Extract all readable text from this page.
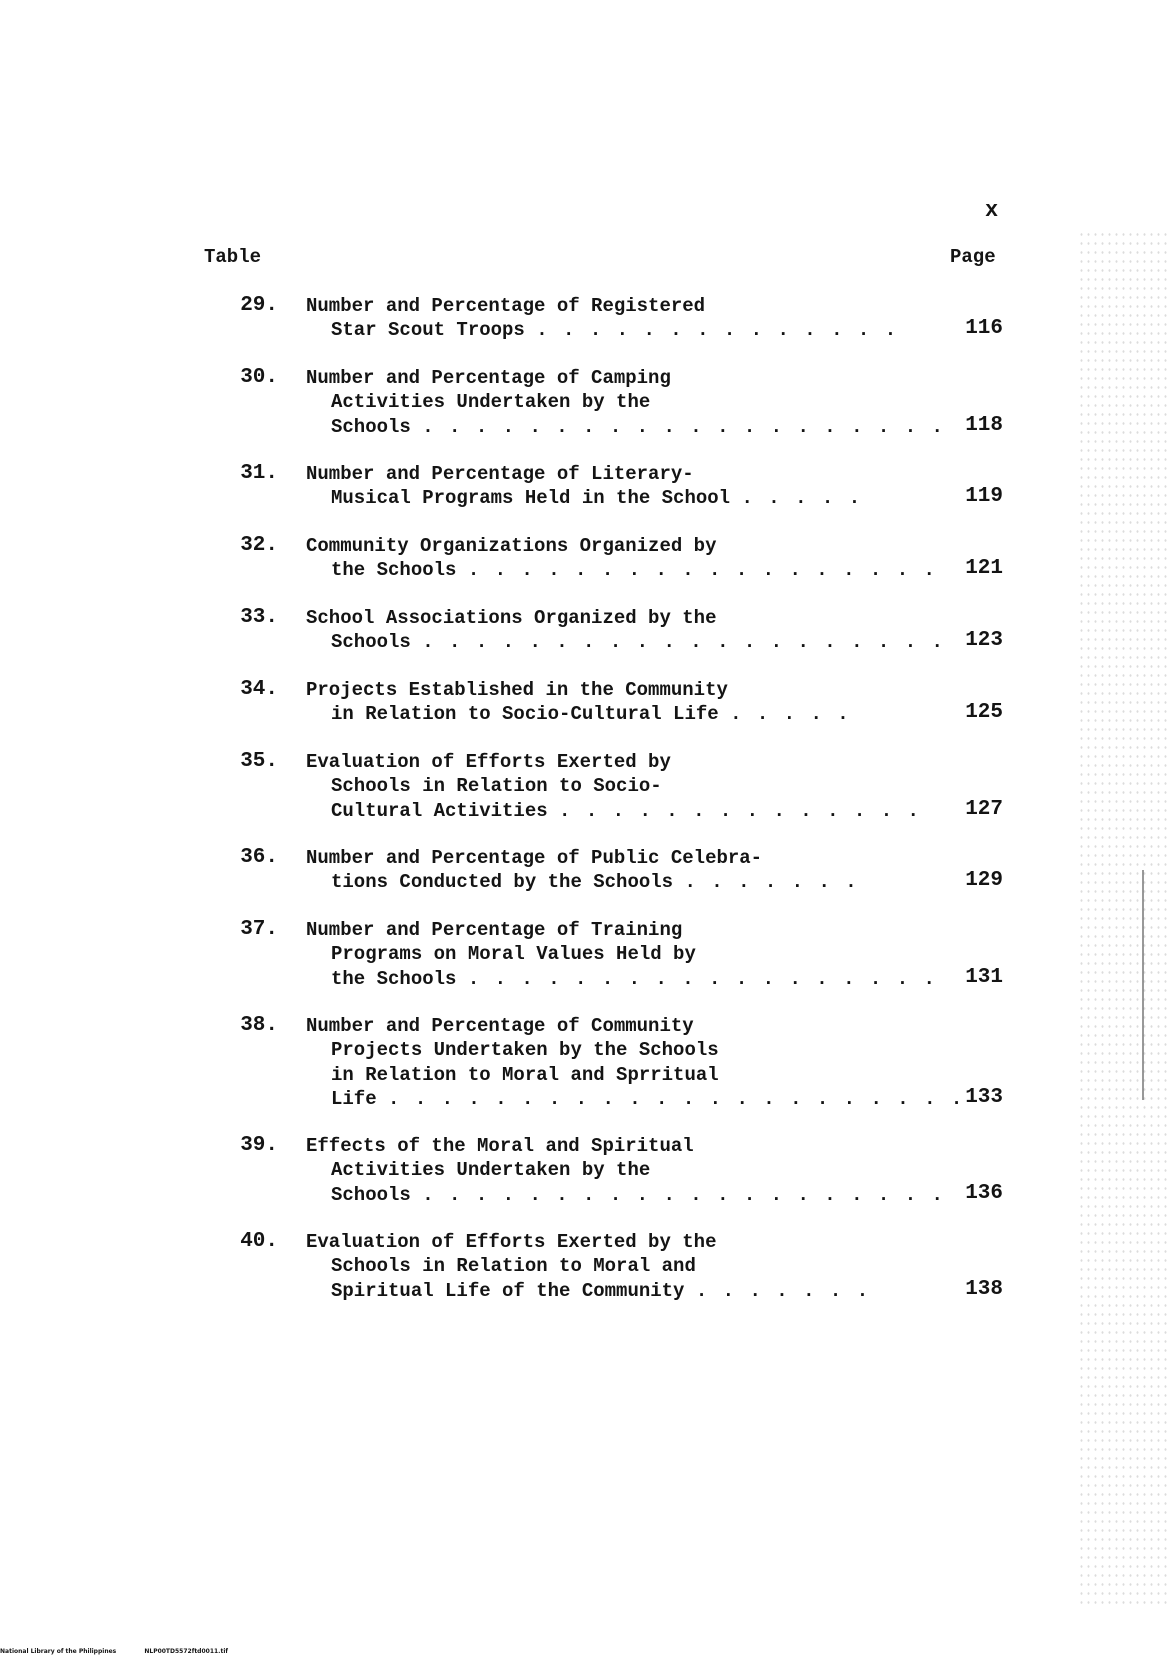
x
Table	Page
29. Number and Percentage of Registered
Star Scout Troops . . . . . . . . . . . . . .	116
30. Number and Percentage of Camping
Activities Undertaken by the
Schools . . . . . . . . . . . . . . . . . . . . 118
31. Number and Percentage of Literary-
Musical Programs Held in the School . . . . .	119
32. Community Organizations Organized by
the Schools . . . . . . . . . . . . . . . . . .	121
33. School Associations Organized by the
Schools . . . . . . . . . . . . . . . . . . . . 123
34. Projects Established in the Community
in Relation to Socio-Cultural Life . . . . .	125
35. Evaluation of Efforts Exerted by
Schools in Relation to Socio-
Cultural Activities . . . . . . . . . . . . . .	127
36. Number and Percentage of Public Celebra-
tions Conducted by the Schools . . . . . . .	129
37. Number and Percentage of Training
Programs on Moral Values Held by
the Schools . . . . . . . . . . . . . . . . . .	131
38. Number and Percentage of Community
Projects Undertaken by the Schools
in Relation to Moral and Sprritual
Life . . . . . . . . . . . . . . . . . . . . . . 133
39. Effects of the Moral and Spiritual
Activities Undertaken by the
Schools . . . . . . . . . . . . . . . . . . . . 136
40. Evaluation of Efforts Exerted by the
Schools in Relation to Moral and
Spiritual Life of the Community . . . . . . .	138
National Library of the Philippines	NLP00TD5572ftd0011.tif
